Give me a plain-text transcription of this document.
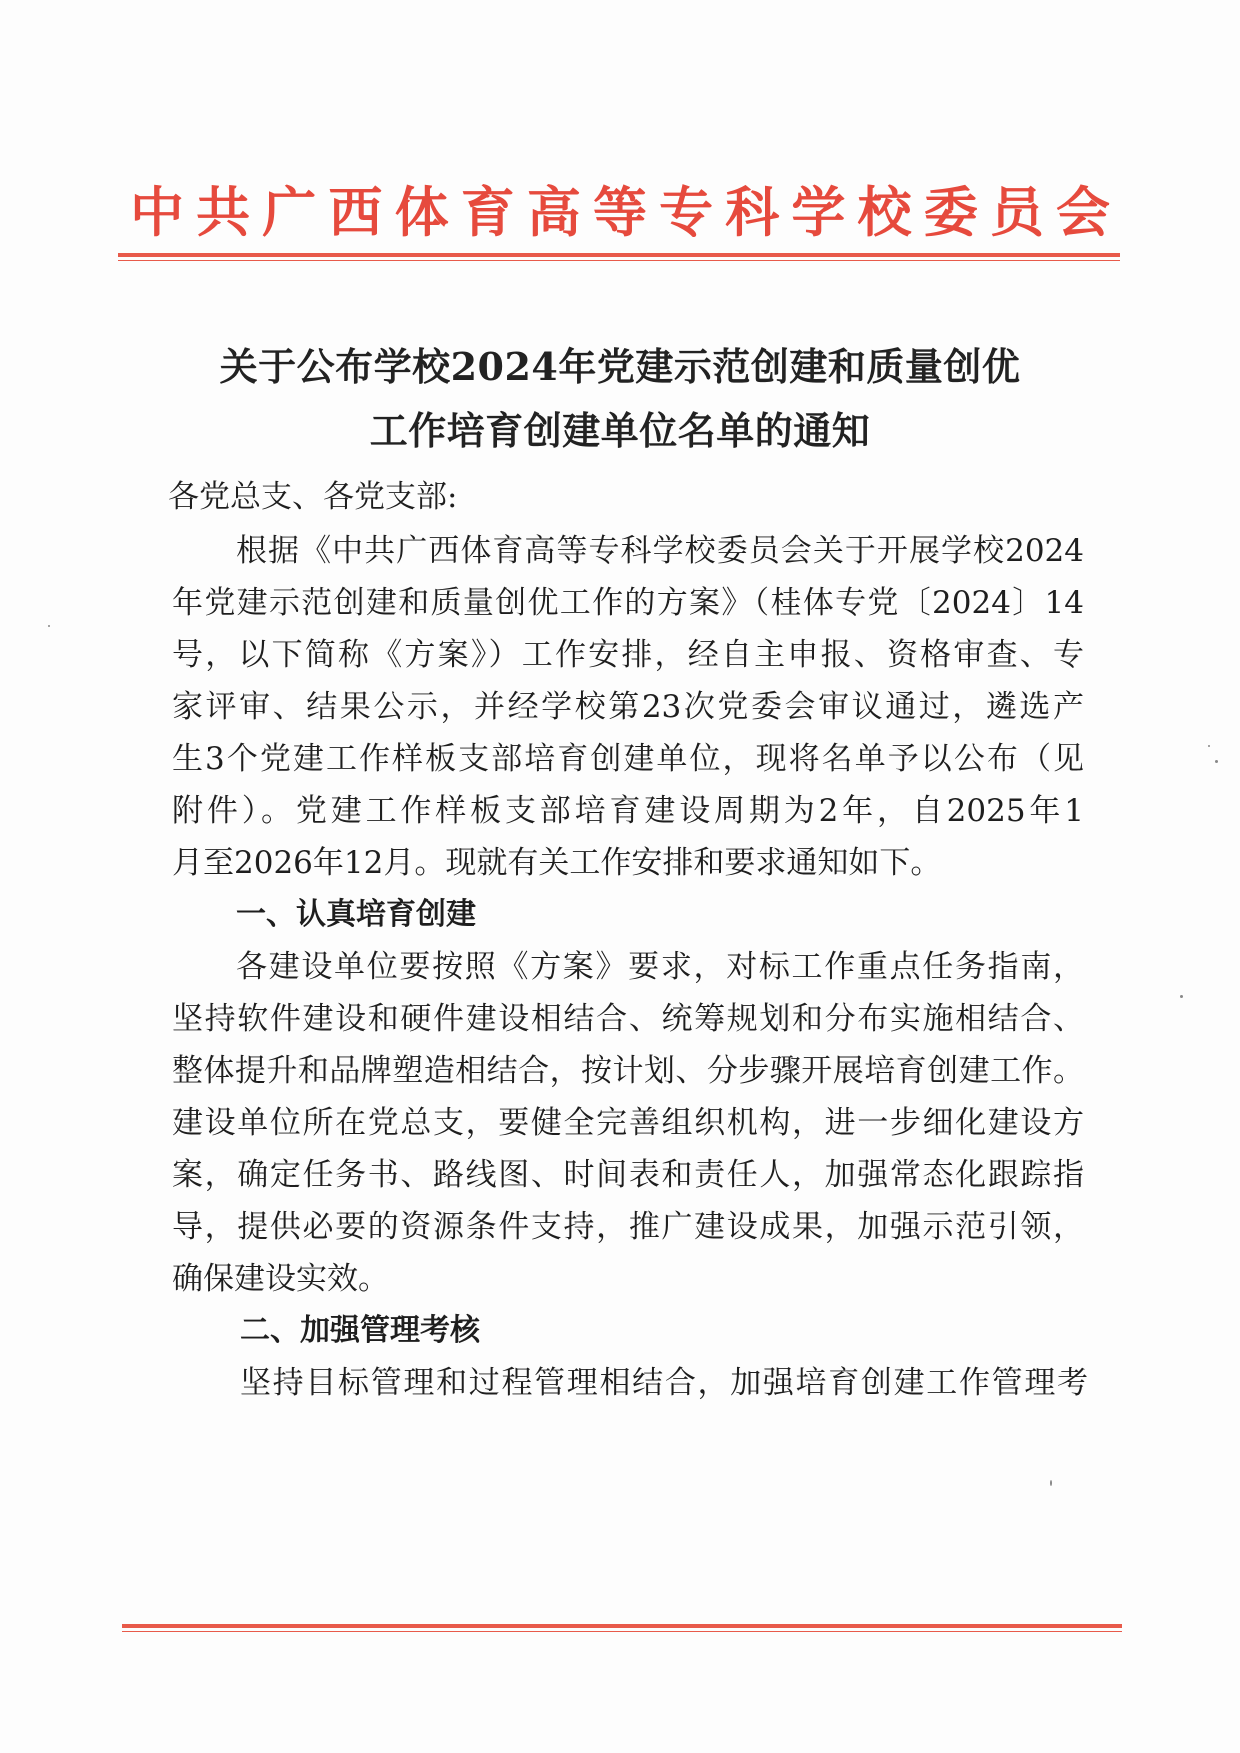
中 共 广 西 体 育 高 等 专 科 学 校 委 员 会
关于公布学校2024年党建示范创建和质量创优
工作培育创建单位名单的通知
各党总支、各党支部:
根据《中共广西体育高等专科学校委员会关于开展学校2024
年党建示范创建和质量创优工作的方案》（桂体专党〔2024〕14
号，以下简称《方案》）工作安排，经自主申报、资格审查、专
家评审、结果公示，并经学校第23次党委会审议通过，遴选产
生3个党建工作样板支部培育创建单位，现将名单予以公布（见
附件）。党建工作样板支部培育建设周期为2年，自2025年1
月至2026年12月。现就有关工作安排和要求通知如下。
一、认真培育创建
各建设单位要按照《方案》要求，对标工作重点任务指南，
坚持软件建设和硬件建设相结合、统筹规划和分布实施相结合、
整体提升和品牌塑造相结合，按计划、分步骤开展培育创建工作。
建设单位所在党总支，要健全完善组织机构，进一步细化建设方
案，确定任务书、路线图、时间表和责任人，加强常态化跟踪指
导，提供必要的资源条件支持，推广建设成果，加强示范引领，
确保建设实效。
二、加强管理考核
坚持目标管理和过程管理相结合，加强培育创建工作管理考
